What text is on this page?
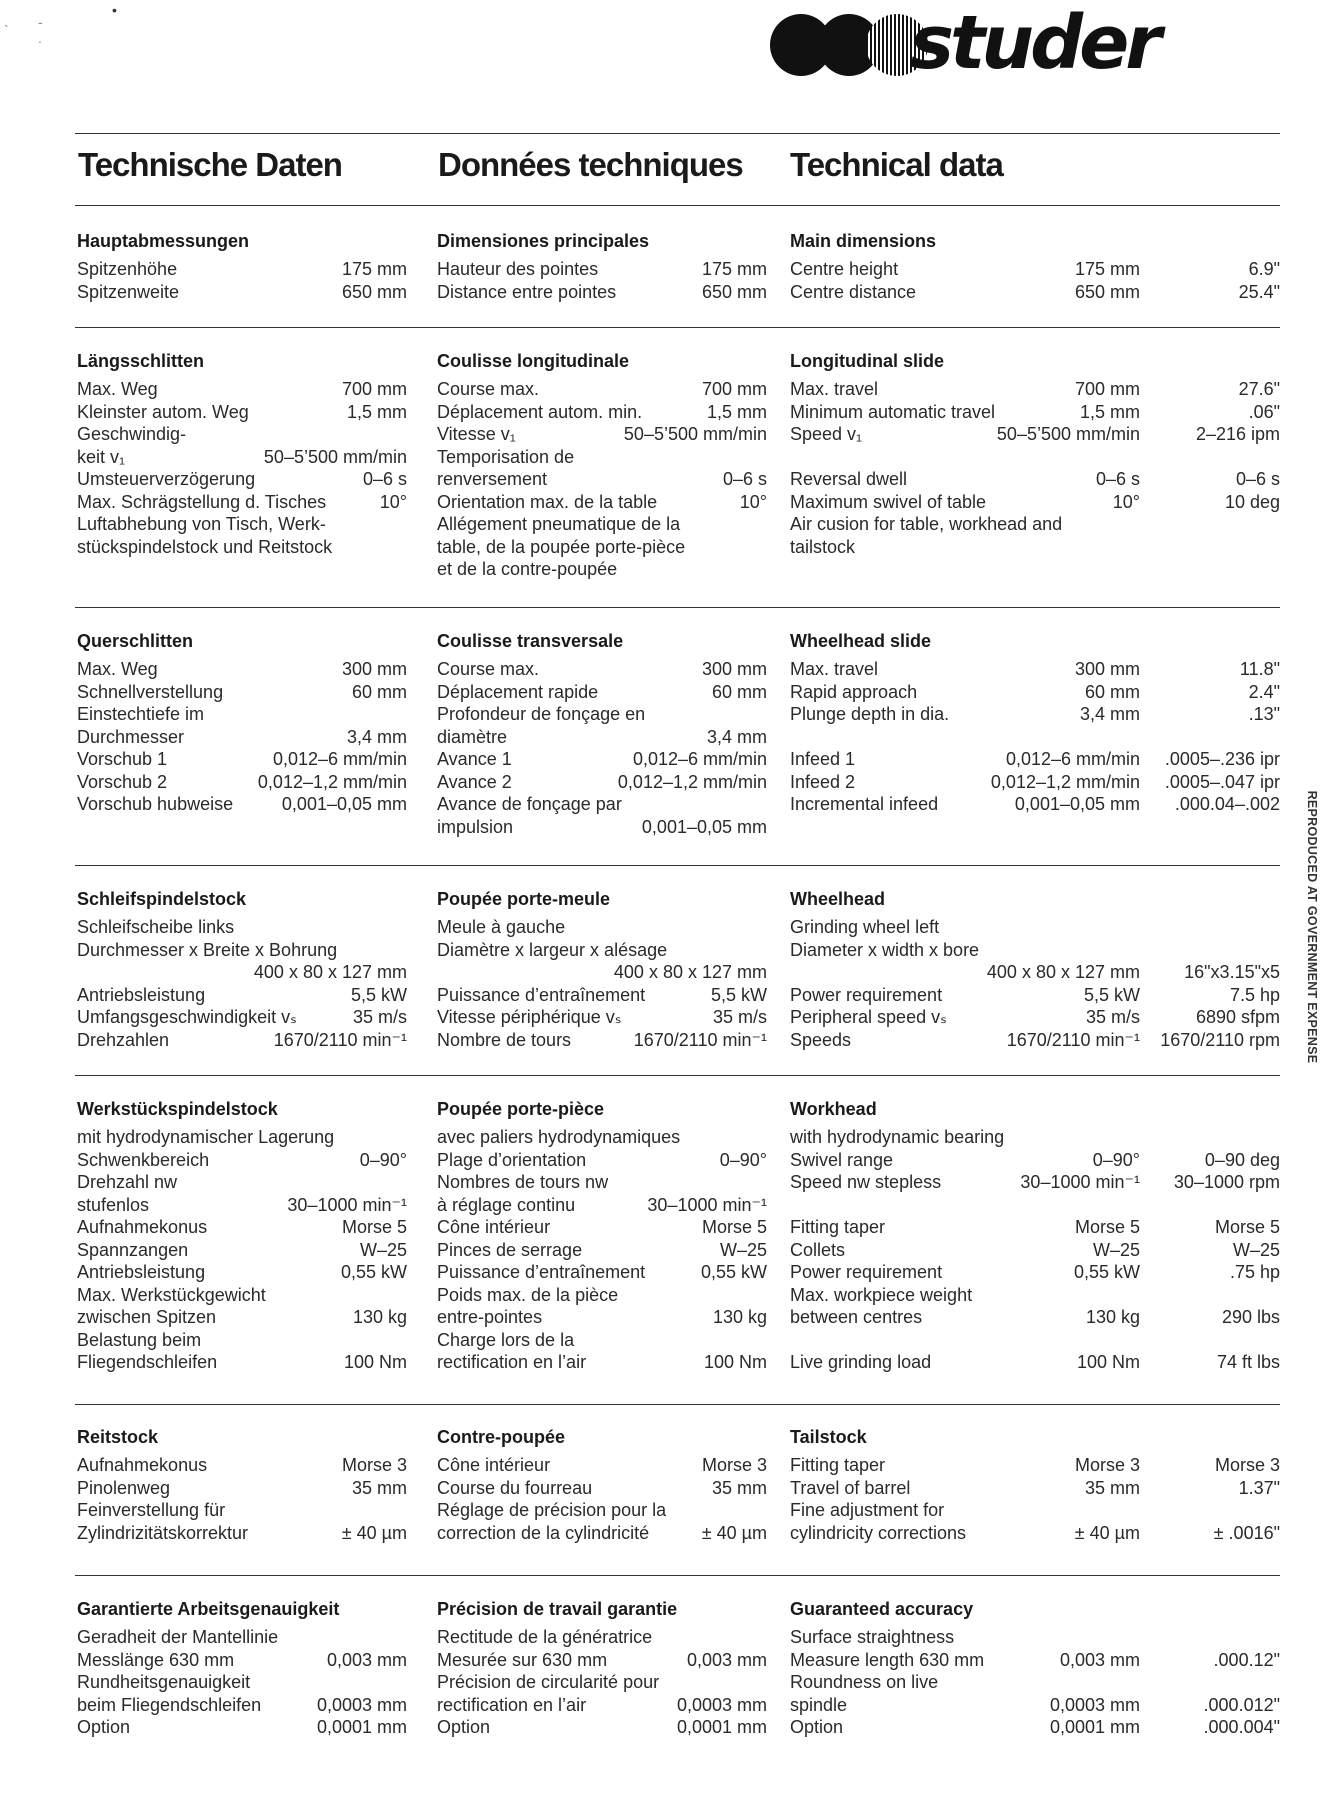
` - .
•	studer
Technische Daten	Données techniques Technical data
Hauptabmessungen
Spitzenhöhe	175 mm
Spitzenweite	650 mm
Dimensiones principales
Hauteur des pointes	175 mm
Distance entre pointes	650 mm
Main dimensions
Centre height	175 mm	6.9"
Centre distance	650 mm	25.4"
Längsschlitten
Max. Weg	700 mm
Kleinster autom. Weg	1,5 mm
Geschwindig-
keit v₁	50–5’500 mm/min
Umsteuerverzögerung	0–6 s
Max. Schrägstellung d. Tisches	10°
Luftabhebung von Tisch, Werk-
stückspindelstock und Reitstock
Coulisse longitudinale
Course max.	700 mm
Déplacement autom. min.	1,5 mm
Vitesse v₁	50–5’500 mm/min
Temporisation de
renversement	0–6 s
Orientation max. de la table	10°
Allégement pneumatique de la
table, de la poupée porte-pièce
et de la contre-poupée
Longitudinal slide
Max. travel	700 mm	27.6"
Minimum automatic travel	1,5 mm	.06"
Speed v₁	50–5’500 mm/min	2–216 ipm
Reversal dwell	0–6 s	0–6 s
Maximum swivel of table	10°	10 deg
Air cusion for table, workhead and
tailstock
Querschlitten
Max. Weg	300 mm
Schnellverstellung	60 mm
Einstechtiefe im
Durchmesser	3,4 mm
Vorschub 1	0,012–6 mm/min
Vorschub 2	0,012–1,2 mm/min
Vorschub hubweise	0,001–0,05 mm
Coulisse transversale
Course max.	300 mm
Déplacement rapide	60 mm
Profondeur de fonçage en
diamètre	3,4 mm
Avance 1	0,012–6 mm/min
Avance 2	0,012–1,2 mm/min
Avance de fonçage par
impulsion	0,001–0,05 mm
Wheelhead slide
Max. travel	300 mm	11.8"
Rapid approach	60 mm	2.4"
Plunge depth in dia.	3,4 mm	.13"
Infeed 1	0,012–6 mm/min .0005–.236 ipr
Infeed 2	0,012–1,2 mm/min .0005–.047 ipr
Incremental infeed	0,001–0,05 mm .000.04–.002
Schleifspindelstock
Schleifscheibe links
Durchmesser x Breite x Bohrung
400 x 80 x 127 mm
Antriebsleistung	5,5 kW
Umfangsgeschwindigkeit vₛ	35 m/s
Drehzahlen	1670/2110 min⁻¹
Poupée porte-meule
Meule à gauche
Diamètre x largeur x alésage
400 x 80 x 127 mm
Puissance d’entraînement	5,5 kW
Vitesse périphérique vₛ	35 m/s
Nombre de tours	1670/2110 min⁻¹
Wheelhead
Grinding wheel left
Diameter x width x bore
400 x 80 x 127 mm 16"x3.15"x5
Power requirement	5,5 kW	7.5 hp
Peripheral speed vₛ	35 m/s	6890 sfpm
Speeds	1670/2110 min⁻¹ 1670/2110 rpm
Werkstückspindelstock
mit hydrodynamischer Lagerung
Schwenkbereich	0–90°
Drehzahl nᴡ
stufenlos	30–1000 min⁻¹
Aufnahmekonus	Morse 5
Spannzangen	W–25
Antriebsleistung	0,55 kW
Max. Werkstückgewicht
zwischen Spitzen	130 kg
Belastung beim
Fliegendschleifen	100 Nm
Poupée porte-pièce
avec paliers hydrodynamiques
Plage d’orientation	0–90°
Nombres de tours nᴡ
à réglage continu	30–1000 min⁻¹
Cône intérieur	Morse 5
Pinces de serrage	W–25
Puissance d’entraînement	0,55 kW
Poids max. de la pièce
entre-pointes	130 kg
Charge lors de la
rectification en l’air	100 Nm
Workhead
with hydrodynamic bearing
Swivel range	0–90°	0–90 deg
Speed nᴡ stepless	30–1000 min⁻¹ 30–1000 rpm
Fitting taper	Morse 5	Morse 5
Collets	W–25	W–25
Power requirement	0,55 kW	.75 hp
Max. workpiece weight
between centres	130 kg	290 lbs
Live grinding load	100 Nm	74 ft lbs
Reitstock
Aufnahmekonus	Morse 3
Pinolenweg	35 mm
Feinverstellung für
Zylindrizitätskorrektur	± 40 µm
Contre-poupée
Cône intérieur	Morse 3
Course du fourreau	35 mm
Réglage de précision pour la
correction de la cylindricité	± 40 µm
Tailstock
Fitting taper	Morse 3	Morse 3
Travel of barrel	35 mm	1.37"
Fine adjustment for
cylindricity corrections	± 40 µm	± .0016"
Garantierte Arbeitsgenauigkeit
Geradheit der Mantellinie
Messlänge 630 mm	0,003 mm
Rundheitsgenauigkeit
beim Fliegendschleifen	0,0003 mm
Option	0,0001 mm
Précision de travail garantie
Rectitude de la génératrice
Mesurée sur 630 mm	0,003 mm
Précision de circularité pour
rectification en l’air	0,0003 mm
Option	0,0001 mm
Guaranteed accuracy
Surface straightness
Measure length 630 mm	0,003 mm	.000.12"
Roundness on live
spindle	0,0003 mm	.000.012"
Option	0,0001 mm	.000.004"
REPRODUCED AT GOVERNMENT EXPENSE
